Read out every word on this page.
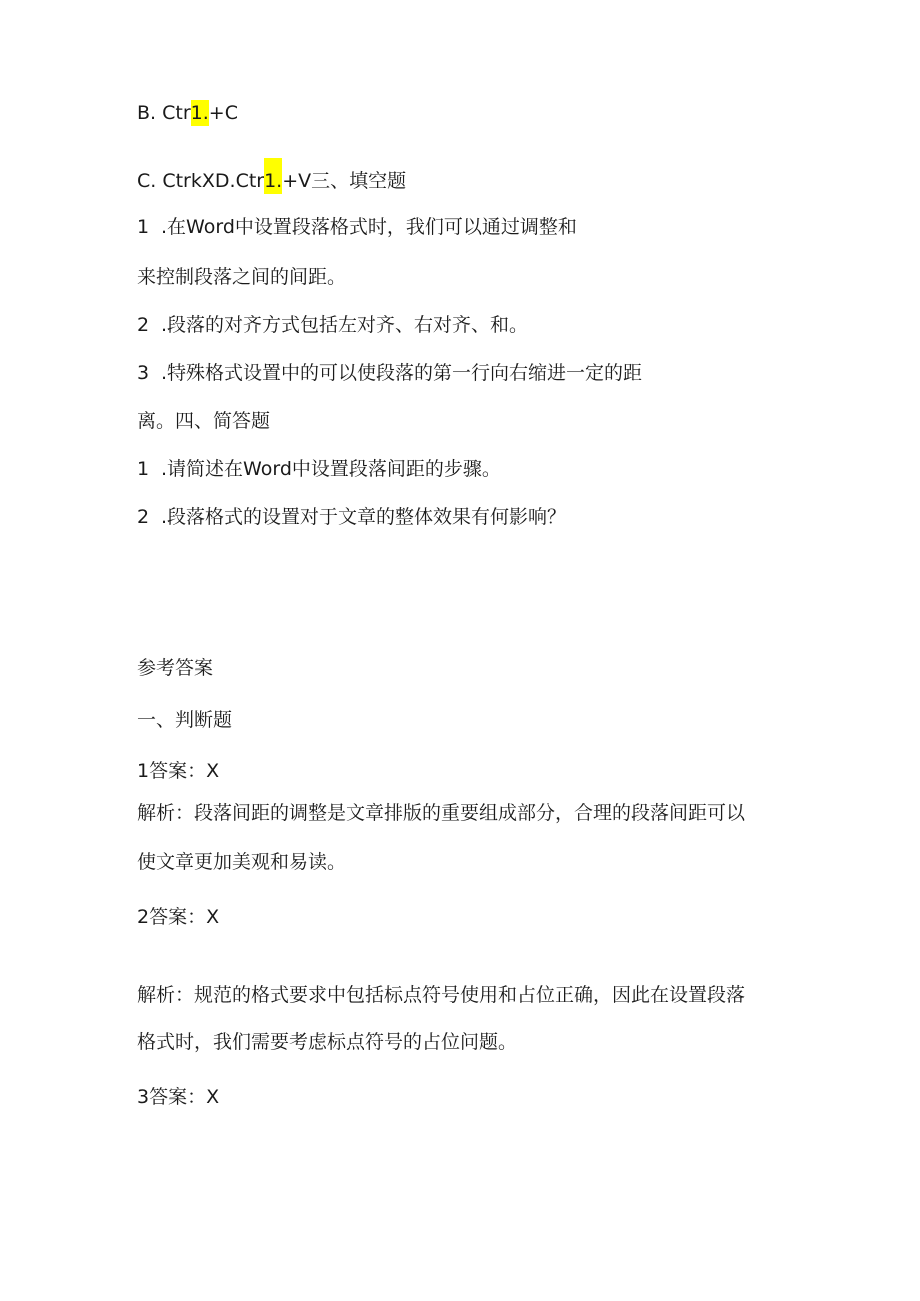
B. Ctr1.+C
C. CtrkXD.Ctr1.+V三、填空题
1 .在Word中设置段落格式时，我们可以通过调整和
来控制段落之间的间距。
2 .段落的对齐方式包括左对齐、右对齐、和。
3 .特殊格式设置中的可以使段落的第一行向右缩进一定的距
离。四、简答题
1 .请简述在Word中设置段落间距的步骤。
2 .段落格式的设置对于文章的整体效果有何影响？
参考答案
一、判断题
1答案：X
解析：段落间距的调整是文章排版的重要组成部分，合理的段落间距可以
使文章更加美观和易读。
2答案：X
解析：规范的格式要求中包括标点符号使用和占位正确，因此在设置段落
格式时，我们需要考虑标点符号的占位问题。
3答案：X
